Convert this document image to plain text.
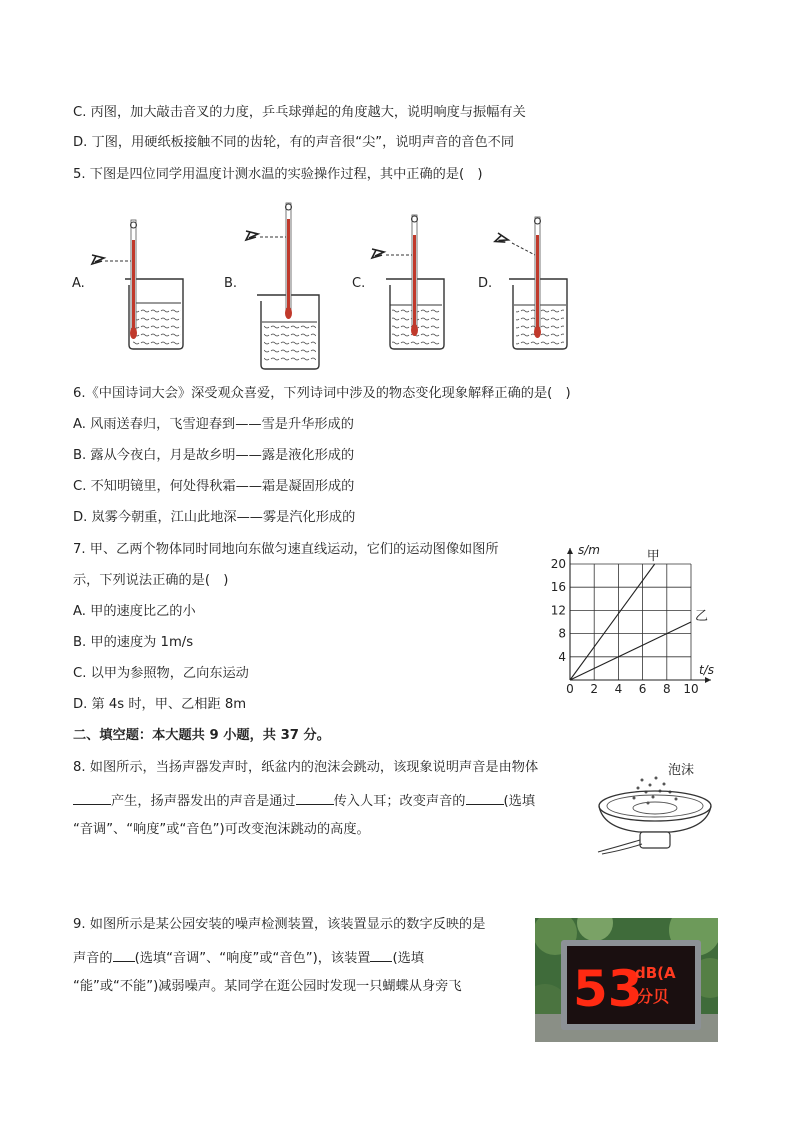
C. 丙图，加大敲击音叉的力度，乒乓球弹起的角度越大，说明响度与振幅有关
D. 丁图，用硬纸板接触不同的齿轮，有的声音很“尖”，说明声音的音色不同
5. 下图是四位同学用温度计测水温的实验操作过程，其中正确的是(　)
A.	B.	C.	D.
6.《中国诗词大会》深受观众喜爱，下列诗词中涉及的物态变化现象解释正确的是(　)
A. 风雨送春归，飞雪迎春到——雪是升华形成的
B. 露从今夜白，月是故乡明——露是液化形成的
C. 不知明镜里，何处得秋霜——霜是凝固形成的
D. 岚雾今朝重，江山此地深——雾是汽化形成的
7. 甲、乙两个物体同时同地向东做匀速直线运动，它们的运动图像如图所
示，下列说法正确的是(　)
A. 甲的速度比乙的小
B. 甲的速度为 1m/s
C. 以甲为参照物，乙向东运动
D. 第 4s 时，甲、乙相距 8m
0 2 4 6 8 10
4
8
12
16
20
s/m
t/s
甲
乙
二、填空题：本大题共 9 小题，共 37 分。
8. 如图所示，当扬声器发声时，纸盆内的泡沫会跳动，该现象说明声音是由物体
产生，扬声器发出的声音是通过	传入人耳；改变声音的	(选填
“音调”、“响度”或“音色”)可改变泡沫跳动的高度。
泡沫
9. 如图所示是某公园安装的噪声检测装置，该装置显示的数字反映的是
声音的 (选填“音调”、“响度”或“音色”)，该装置 (选填
“能”或“不能”)减弱噪声。某同学在逛公园时发现一只蝴蝶从身旁飞 53
dB(A
分贝
